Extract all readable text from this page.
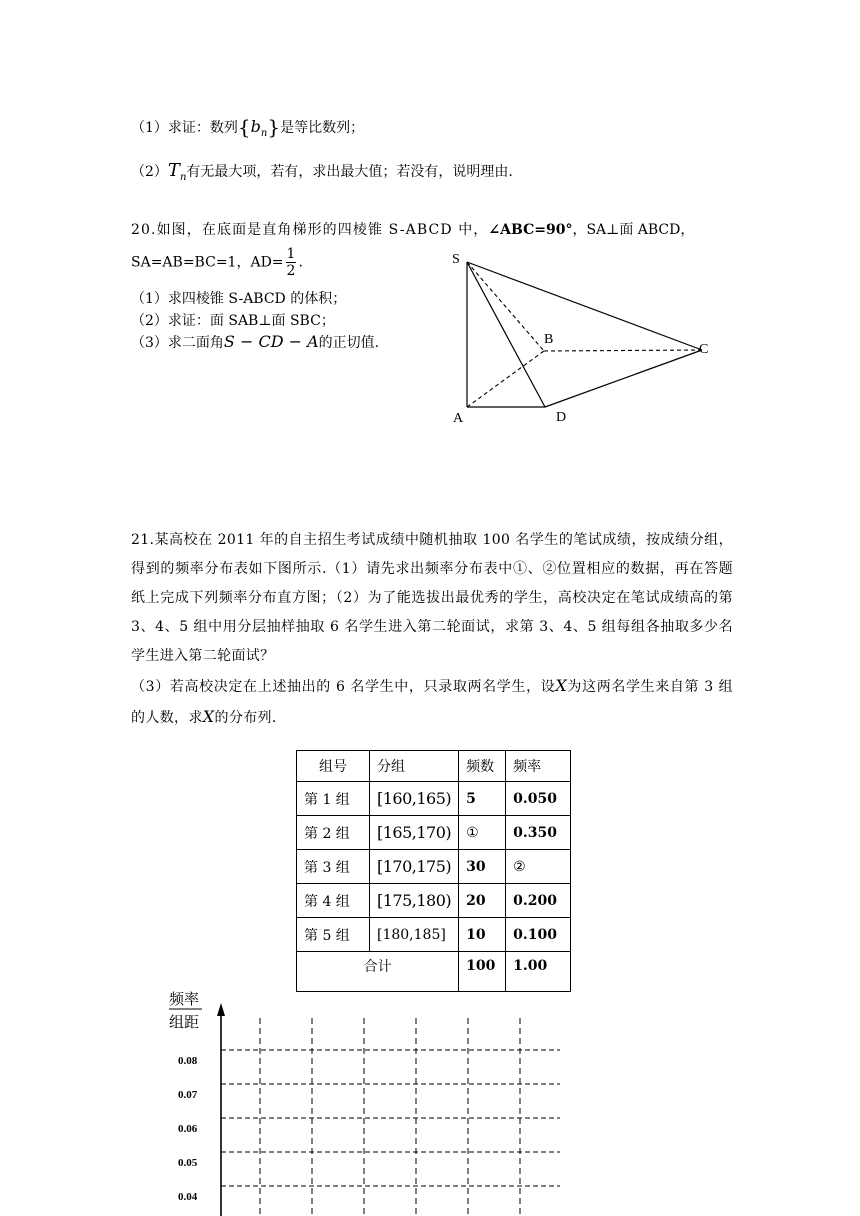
（1）求证：数列$\{b_n\}$是等比数列；
$(2)T_n$有无最大项，若有，求出最大值；若没有，说明理由.
20.如图，在底面是直角梯形的四棱锥 S-ABCD 中，∠ABC=90°，SA⊥面 ABCD，
SA=AB=BC=1，$AD= \frac{1}{2}$ .
（1）求四棱锥 S-ABCD 的体积；
（2）求证：面 SAB⊥面 SBC；
（3）求二面角S − CD − A的正切值.
S
B
C
A	D
21.某高校在 2011 年的自主招生考试成绩中随机抽取 100 名学生的笔试成绩，按成绩分组，得到的频率分布表如下图所示.（1）请先求出频率分布表中①、②位置相应的数据，再在答题纸上完成下列频率分布直方图；（2）为了能选拔出最优秀的学生，高校决定在笔试成绩高的第 3、4、5 组中用分层抽样抽取 6 名学生进入第二轮面试，求第 3、4、5 组每组各抽取多少名学生进入第二轮面试？
（3）若高校决定在上述抽出的 6 名学生中，只录取两名学生，设X为这两名学生来自第 3 组的人数，求X的分布列.
组号	分组	频数	频率
第 1 组	[160,165)	5	0.050
第 2 组	[165,170)	①	0.350
第 3 组	[170,175)	30	②
第 4 组	[175,180)	20	0.200
第 5 组	[180,185]	10	0.100
合计		100	1.00
频率
组距
0.08
0.07
0.06
0.05
0.04
